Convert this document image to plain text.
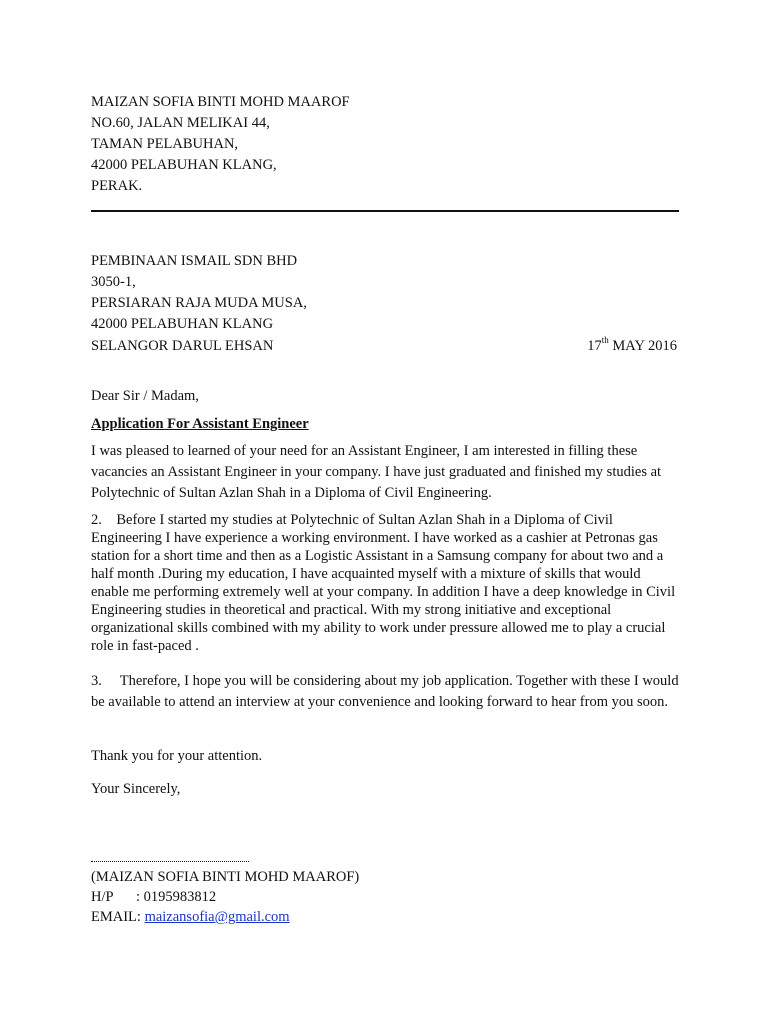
MAIZAN SOFIA BINTI MOHD MAAROF
NO.60, JALAN MELIKAI 44,
TAMAN PELABUHAN,
42000 PELABUHAN KLANG,
PERAK.
PEMBINAAN ISMAIL SDN BHD
3050-1,
PERSIARAN RAJA MUDA MUSA,
42000 PELABUHAN KLANG
SELANGOR DARUL EHSAN	17th MAY 2016
Dear Sir / Madam,
Application For Assistant Engineer
I was pleased to learned of your need for an Assistant Engineer, I am interested in filling these vacancies an Assistant Engineer in your company. I have just graduated and finished my studies at Polytechnic of Sultan Azlan Shah in a Diploma of Civil Engineering.
2.    Before I started my studies at Polytechnic of Sultan Azlan Shah in a Diploma of Civil Engineering I have experience a working environment. I have worked as a cashier at Petronas gas station for a short time and then as a Logistic Assistant in a Samsung company for about two and a half month .During my education, I have acquainted myself with a mixture of skills that would enable me performing extremely well at your company. In addition I have a deep knowledge in Civil Engineering studies in theoretical and practical. With my strong initiative and exceptional organizational skills combined with my ability to work under pressure allowed me to play a crucial role in fast-paced .
3.     Therefore, I hope you will be considering about my job application. Together with these I would be available to attend an interview at your convenience and looking forward to hear from you soon.
Thank you for your attention.
Your Sincerely,
(MAIZAN SOFIA BINTI MOHD MAAROF)
H/P : 0195983812
EMAIL: maizansofia@gmail.com
